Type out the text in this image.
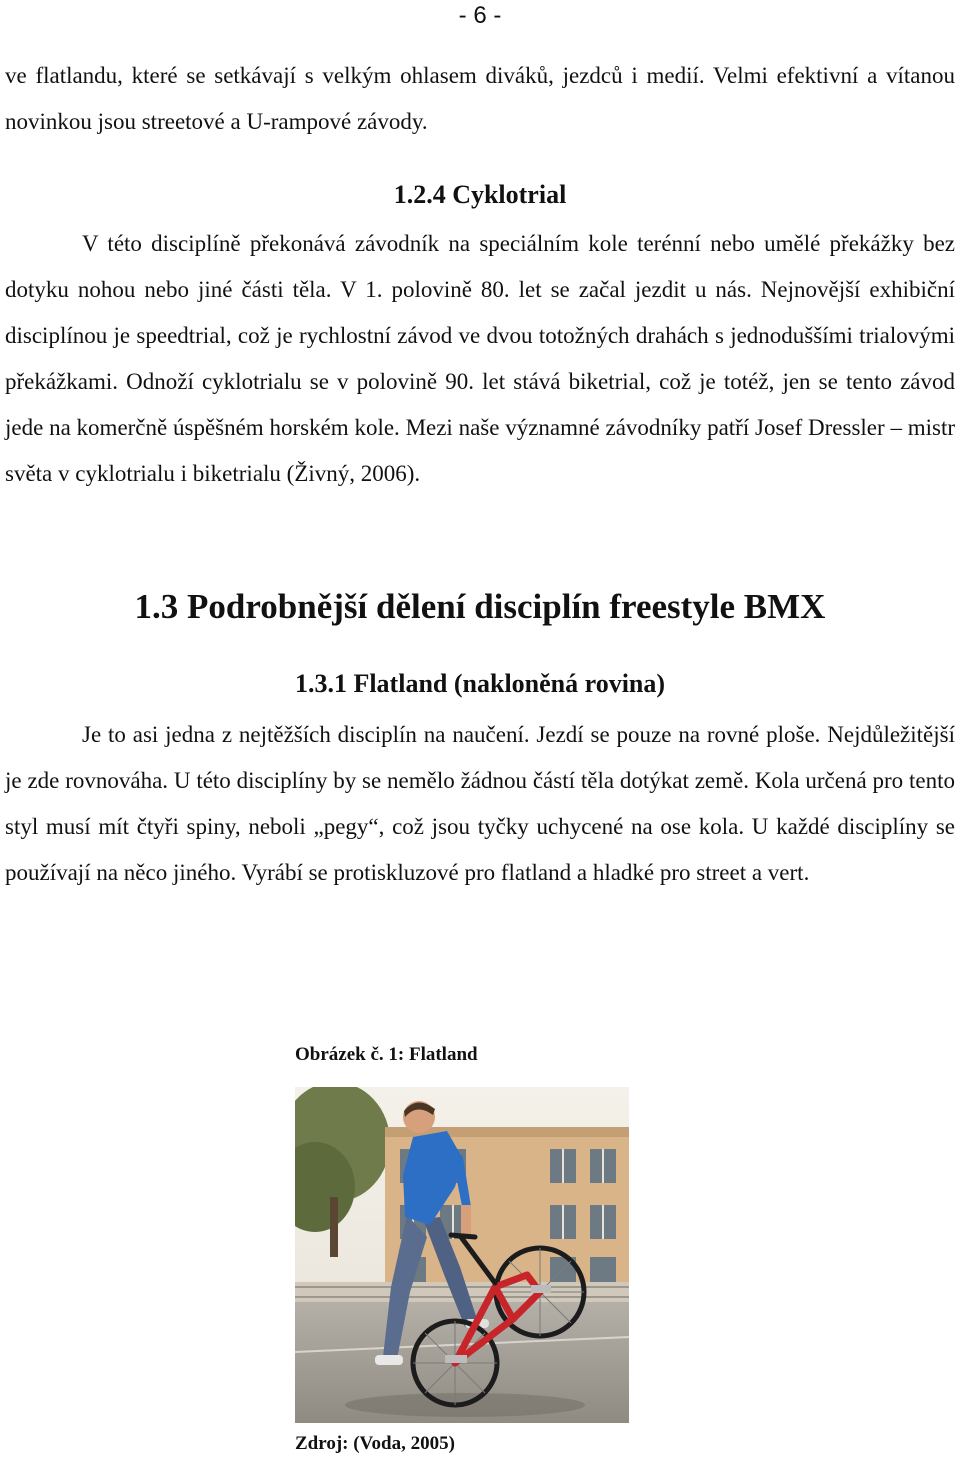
- 6 -

ve flatlandu, které se setkávají s velkým ohlasem diváků, jezdců i medií. Velmi efektivní a vítanou novinkou jsou streetové a U-rampové závody.

1.2.4 Cyklotrial

V této disciplíně překonává závodník na speciálním kole terénní nebo umělé překážky bez dotyku nohou nebo jiné části těla. V 1. polovině 80. let se začal jezdit u nás. Nejnovější exhibiční disciplínou je speedtrial, což je rychlostní závod ve dvou totožných drahách s jednoduššími trialovými překážkami. Odnoží cyklotrialu se v polovině 90. let stává biketrial, což je totéž, jen se tento závod jede na komerčně úspěšném horském kole. Mezi naše významné závodníky patří Josef Dressler – mistr světa v cyklotrialu i biketrialu (Živný, 2006).

1.3 Podrobnější dělení disciplín freestyle BMX
1.3.1 Flatland (nakloněná rovina)

Je to asi jedna z nejtěžších disciplín na naučení. Jezdí se pouze na rovné ploše. Nejdůležitější je zde rovnováha. U této disciplíny by se nemělo žádnou částí těla dotýkat země. Kola určená pro tento styl musí mít čtyři spiny, neboli „pegy“, což jsou tyčky uchycené na ose kola. U každé disciplíny se používají na něco jiného. Vyrábí se protiskluzové pro flatland a hladké pro street a vert.

Obrázek č. 1: Flatland
Zdroj: (Voda, 2005)
